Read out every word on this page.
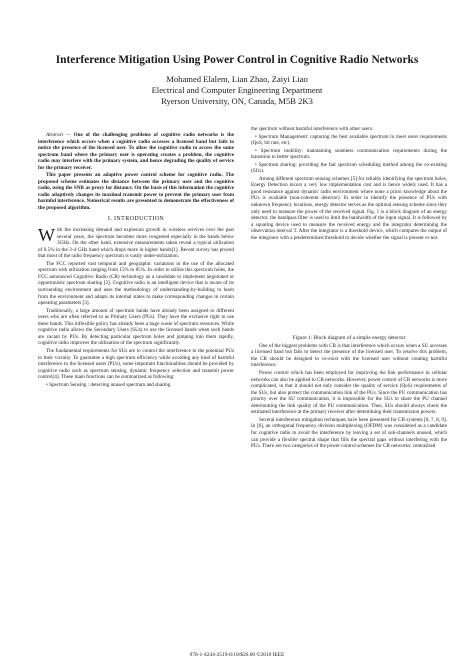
Interference Mitigation Using Power Control in Cognitive Radio Networks
Mohamed Elalem, Lian Zhao, Zaiyi Liao
Electrical and Computer Engineering Department
Ryerson University, ON, Canada, M5B 2K3

Abstract — One of the challenging problems of cognitive radio networks is the interference which occurs when a cognitive radio accesses a licensed band but fails to notice the presence of the licensed user. To allow the cognitive radio to access the same spectrum band where the primary user is operating creates a problem, the cognitive radio may interfere with the primary system, and hence degrading the quality of service for the primary receiver.

This paper presents an adaptive power control scheme for cognitive radio. The proposed scheme estimates the distance between the primary user and the cognitive radio, using the SNR as proxy for distance. On the basis of this information the cognitive radio adaptively changes its maximal transmit power to prevent the primary user from harmful interference. Numerical results are presented to demonstrate the effectiveness of the proposed algorithm.

I. INTRODUCTION

With the increasing demand and explosion growth in wireless services over the past several years, the spectrum becomes more congested especially in the bands below 3GHz. On the other hand, extensive measurements taken reveal a typical utilization of 0.5% in the 3-4 GHz band which drops more in higher bands[1]. Recent survey has proved that most of the radio frequency spectrum is vastly under-utilization.

The FCC reported vast temporal and geographic variations in the use of the allocated spectrum with utilization ranging from 15% to 85%. In order to utilize this spectrum holes, the FCC announced Cognitive Radio (CR) technology as a candidate to implement negotiated or opportunistic spectrum sharing [2]. Cognitive radio is an intelligent device that is aware of its surrounding environment and uses the methodology of understanding-by-building to learn from the environment and adapts its internal states to make corresponding changes in certain operating parameters [3].

Traditionally, a large amount of spectrum bands have already been assigned to different users who are often referred to as Primary Users (PUs). They have the exclusive right to use these bands. This inflexible policy has already been a huge waste of spectrum resources. While cognitive radio allows the Secondary Users (SUs) to use the licensed bands when such bands are vacant by PUs. By detecting particular spectrum holes and jumping into them rapidly, cognitive radio improves the utilization of the spectrum significantly.

The fundamental requirements for SUs are to control the interference to the potential PUs in their vicinity. To guarantee a high spectrum efficiency while avoiding any kind of harmful interference to the licensed users (PUs), some important functionalities should be provided by cognitive radio such as spectrum sensing, dynamic frequency selection and transmit power control[4]. These main functions can be summarized as following:

• Spectrum Sensing : detecting unused spectrum and sharing

the spectrum without harmful interference with other users.

• Spectrum Management: capturing the best available spectrum to meet users requirements (QoS, bit rate, etc).

• Spectrum mobility: maintaining seamless communication requirements during the transition to better spectrum.

• Spectrum sharing: providing the fair spectrum scheduling method among the co-existing (SUs).

Among different spectrum sensing schemes [5] for reliably identifying the spectrum holes, Energy Detection incurs a very low implementation cost and is hence widely used. It has a good resistance against dynamic radio environment where none a priori knowledge about the PUs is available (non-coherent detector). In order to identify the presence of PUs with unknown frequency locations, energy detector serves as the optimal sensing scheme since they only need to measure the power of the received signal. Fig. 1 is a block diagram of an energy detector, the bandpass filter is used to limit the bandwidth of the input signal. It is followed by a squaring device used to measure the received energy and the integrator determining the observation interval T. After the integrator is a threshold device, which compares the output of the integrator with a predetermined threshold to decide whether the signal is present or not.

Figure 1: Block diagram of a simple energy detector

One of the biggest problems with CR is that interference which occurs when a SU accesses a licensed band but fails to detect the presence of the licensed user. To resolve this problem, the CR should be designed to co-exist with the licensed user without creating harmful interference.

Power control which has been employed for improving the link performance in cellular networks can also be applied to CR networks. However, power control of CR networks is more complicated, in that it should not only consider the quality of service (QoS) requirements of the SUs, but also protect the communication link of the PUs. Since the PU communication has priority over the SU communication, it is impossible for the SUs to share the PU channel deteriorating the link quality of the PU communication. Thus, SUs should always check the estimated interference at the primary receiver after determining their transmission powers.

Several interference mitigation techniques have been presented for CR systems [6, 7, 8, 9]. In [6], an orthogonal frequency division multiplexing (OFDM) was considered as a candidate for cognitive radio to avoid the interference by leaving a set of sub-channels unused, which can provide a flexible spectral shape that fills the spectral gaps without interfering with the PUs. There are two categories of the power control schemes for CR networks: centralized

978-1-4244-2519-8/10/$26.00 ©2010 IEEE
